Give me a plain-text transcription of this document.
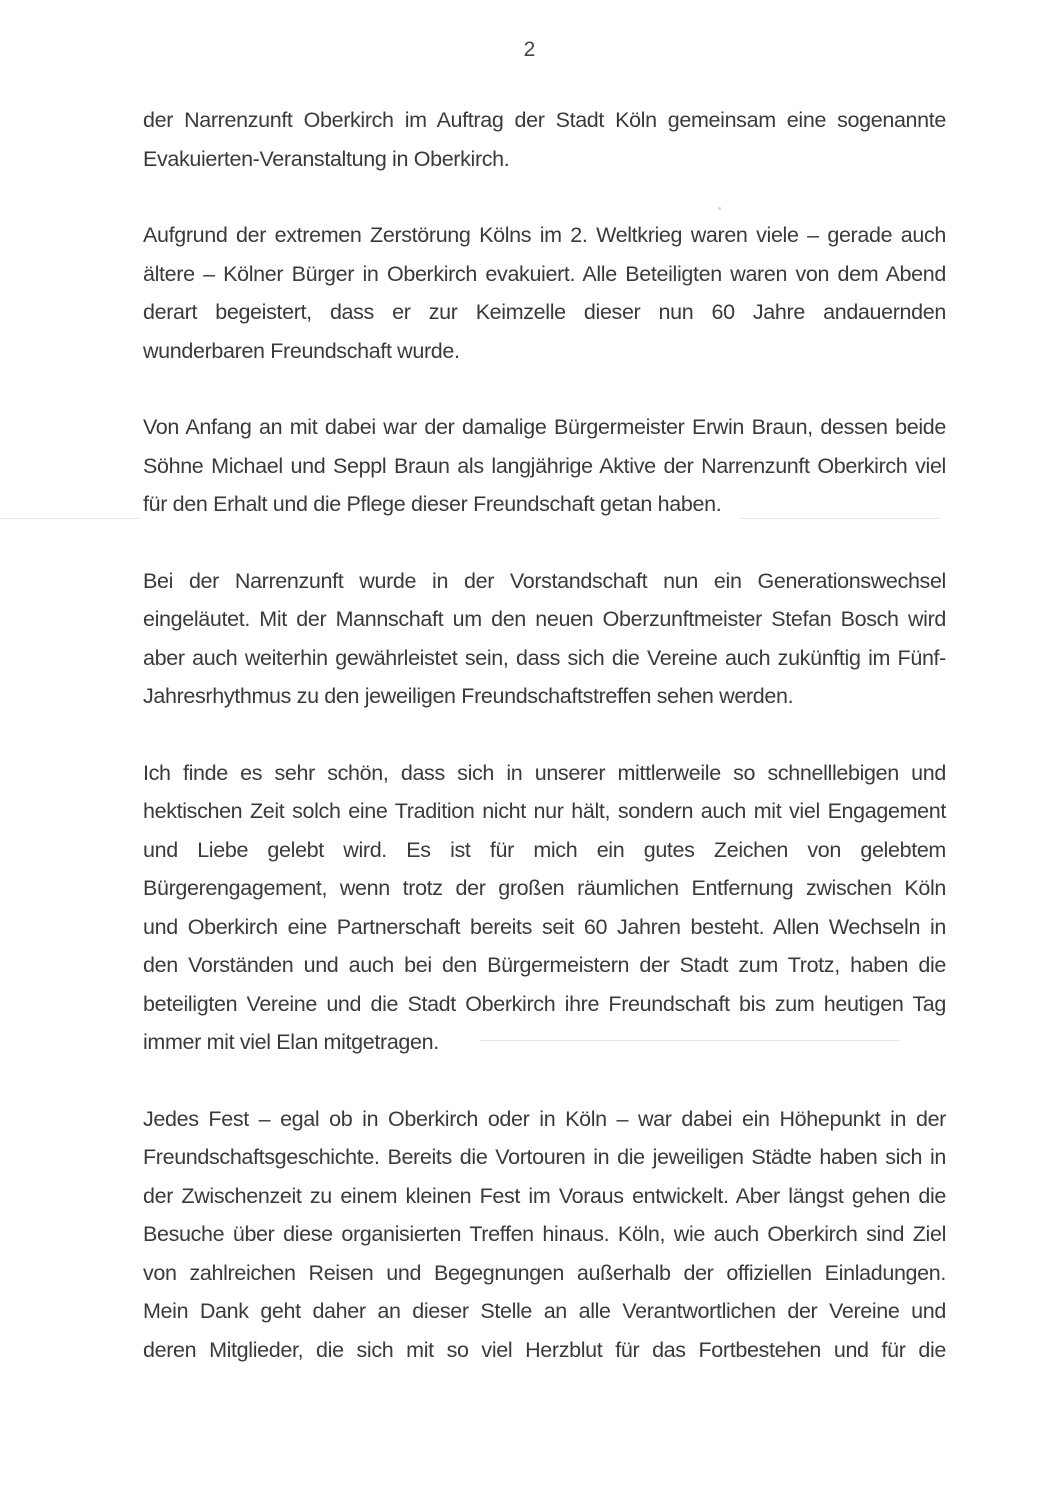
2

der Narrenzunft Oberkirch im Auftrag der Stadt Köln gemeinsam eine sogenannte
Evakuierten-Veranstaltung in Oberkirch.

Aufgrund der extremen Zerstörung Kölns im 2. Weltkrieg waren viele – gerade auch
ältere – Kölner Bürger in Oberkirch evakuiert. Alle Beteiligten waren von dem Abend
derart begeistert, dass er zur Keimzelle dieser nun 60 Jahre andauernden
wunderbaren Freundschaft wurde.

Von Anfang an mit dabei war der damalige Bürgermeister Erwin Braun, dessen beide
Söhne Michael und Seppl Braun als langjährige Aktive der Narrenzunft Oberkirch viel
für den Erhalt und die Pflege dieser Freundschaft getan haben.

Bei der Narrenzunft wurde in der Vorstandschaft nun ein Generationswechsel
eingeläutet. Mit der Mannschaft um den neuen Oberzunftmeister Stefan Bosch wird
aber auch weiterhin gewährleistet sein, dass sich die Vereine auch zukünftig im Fünf-
Jahresrhythmus zu den jeweiligen Freundschaftstreffen sehen werden.

Ich finde es sehr schön, dass sich in unserer mittlerweile so schnelllebigen und
hektischen Zeit solch eine Tradition nicht nur hält, sondern auch mit viel Engagement
und Liebe gelebt wird. Es ist für mich ein gutes Zeichen von gelebtem
Bürgerengagement, wenn trotz der großen räumlichen Entfernung zwischen Köln
und Oberkirch eine Partnerschaft bereits seit 60 Jahren besteht. Allen Wechseln in
den Vorständen und auch bei den Bürgermeistern der Stadt zum Trotz, haben die
beteiligten Vereine und die Stadt Oberkirch ihre Freundschaft bis zum heutigen Tag
immer mit viel Elan mitgetragen.

Jedes Fest – egal ob in Oberkirch oder in Köln – war dabei ein Höhepunkt in der
Freundschaftsgeschichte. Bereits die Vortouren in die jeweiligen Städte haben sich in
der Zwischenzeit zu einem kleinen Fest im Voraus entwickelt. Aber längst gehen die
Besuche über diese organisierten Treffen hinaus. Köln, wie auch Oberkirch sind Ziel
von zahlreichen Reisen und Begegnungen außerhalb der offiziellen Einladungen.
Mein Dank geht daher an dieser Stelle an alle Verantwortlichen der Vereine und
deren Mitglieder, die sich mit so viel Herzblut für das Fortbestehen und für die
